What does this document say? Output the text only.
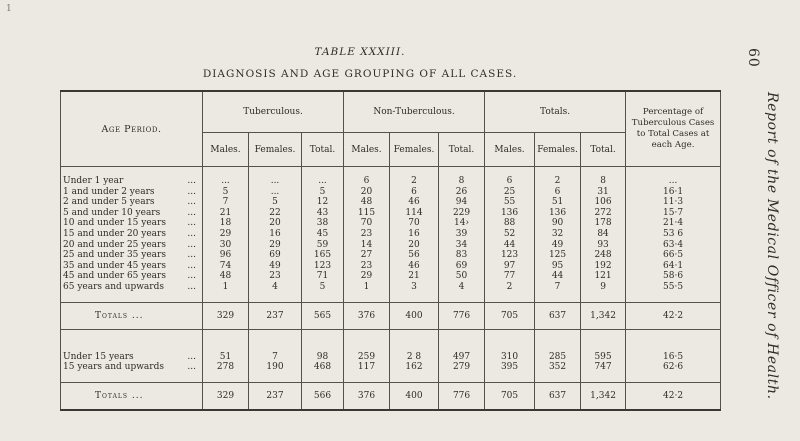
1
60
Report of the Medical Officer of Health.
TABLE XXXIII.
DIAGNOSIS AND AGE GROUPING OF ALL CASES.
Age Period.	Tuberculous.			Non-Tuberculous.			Totals.			Percentage of Tuberculous Cases to Total Cases at each Age.
	Males.	Females.	Total.	Males.	Females.	Total.	Males.	Females.	Total.	

Under 1 year ...	...	...	...	6	2	8	6	2	8	...
1 and under 2 years ...	5	...	5	20	6	26	25	6	31	16·1
2 and under 5 years ...	7	5	12	48	46	94	55	51	106	11·3
5 and under 10 years ...	21	22	43	115	114	229	136	136	272	15·7
10 and under 15 years ...	18	20	38	70	70	14›	88	90	178	21·4
15 and under 20 years ...	29	16	45	23	16	39	52	32	84	53 6
20 and under 25 years ...	30	29	59	14	20	34	44	49	93	63·4
25 and under 35 years ...	96	69	165	27	56	83	123	125	248	66·5
35 and under 45 years ...	74	49	123	23	46	69	97	95	192	64·1
45 and under 65 years ...	48	23	71	29	21	50	77	44	121	58·6
65 years and upwards ...	1	4	5	1	3	4	2	7	9	55·5

Totals ...	329	237	565	376	400	776	705	637	1,342	42·2

Under 15 years ...	51	7	98	259	2 8	497	310	285	595	16·5
15 years and upwards ...	278	190	468	117	162	279	395	352	747	62·6

Totals ...	329	237	566	376	400	776	705	637	1,342	42·2
